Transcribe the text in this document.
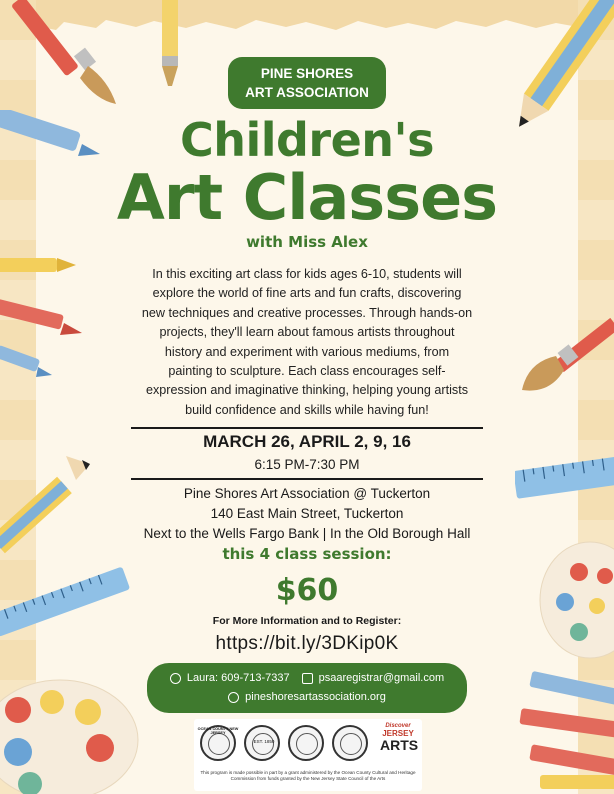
PINE SHORES
ART ASSOCIATION
Children's
Art Classes
with Miss Alex
In this exciting art class for kids ages 6-10, students will
explore the world of fine arts and fun crafts, discovering
new techniques and creative processes. Through hands-on
projects, they'll learn about famous artists throughout
history and experiment with various mediums, from
painting to sculpture. Each class encourages self-
expression and imaginative thinking, helping young artists
build confidence and skills while having fun!
MARCH 26, APRIL 2, 9, 16
6:15 PM-7:30 PM
Pine Shores Art Association @ Tuckerton
140 East Main Street, Tuckerton
Next to the Wells Fargo Bank | In the Old Borough Hall
this 4 class session:
$60
For More Information and to Register:
https://bit.ly/3DKip0K
Laura: 609-713-7337	psaaregistrar@gmail.com
pineshoresartassociation.org
OCEAN COUNTY NEW JERSEY
EST. 1850
Discover
JERSEY
ARTS
This program is made possible in part by a grant administered by the Ocean County Cultural and Heritage Commission from funds granted by the New Jersey State Council of the Arts
